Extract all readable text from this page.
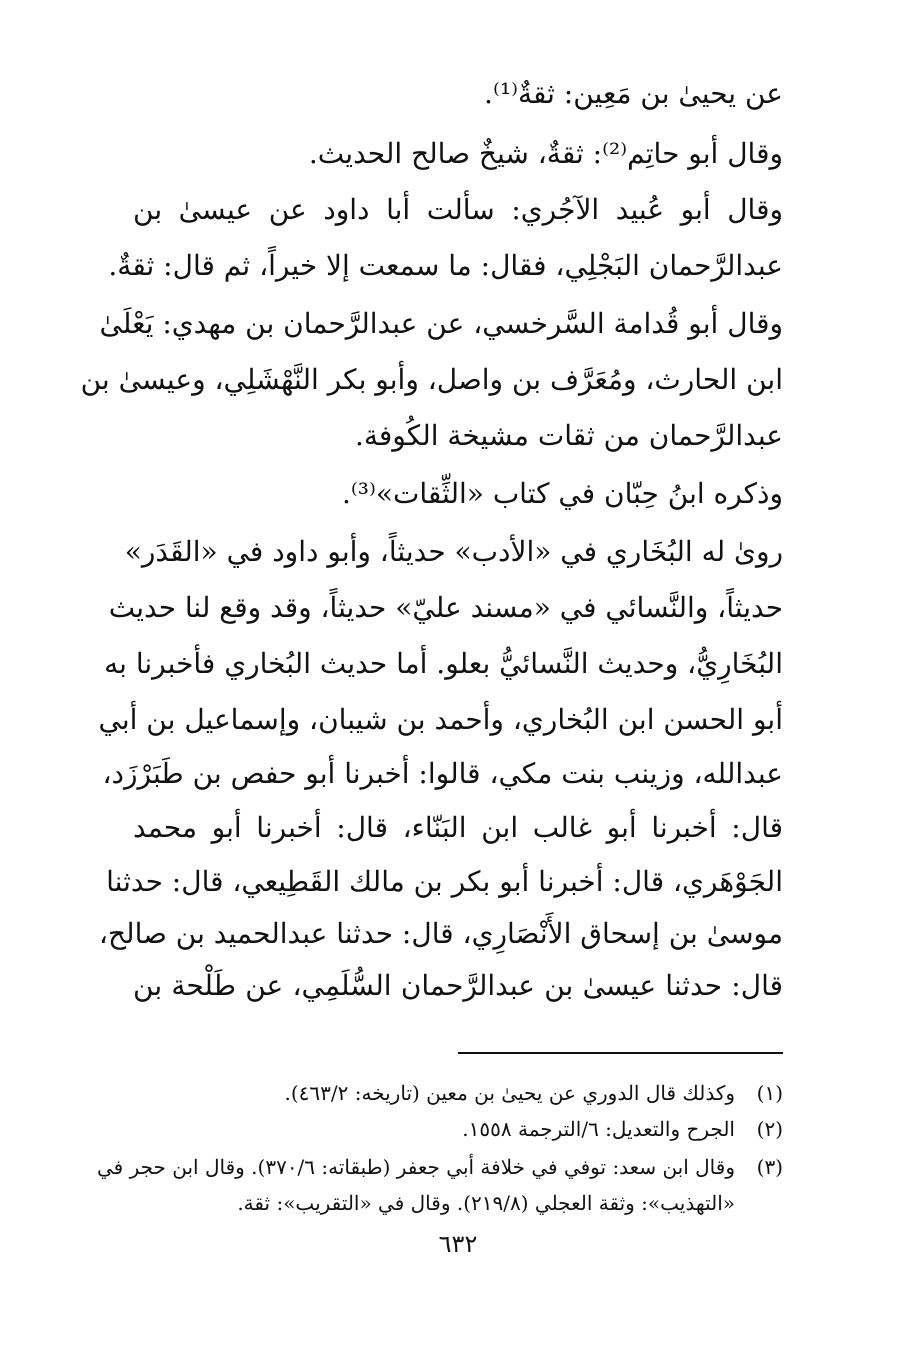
عن يحيىٰ بن مَعِين: ثقةٌ⁽¹⁾.
وقال أبو حاتِم⁽²⁾: ثقةٌ، شيخٌ صالح الحديث.
وقال أبو عُبيد الآجُري: سألت أبا داود عن عيسىٰ بن
عبدالرَّحمان البَجْلِي، فقال: ما سمعت إلا خيراً، ثم قال: ثقةٌ.
وقال أبو قُدامة السَّرخسي، عن عبدالرَّحمان بن مهدي: يَعْلَىٰ
ابن الحارث، ومُعَرَّف بن واصل، وأبو بكر النَّهْشَلِي، وعيسىٰ بن
عبدالرَّحمان من ثقات مشيخة الكُوفة.
وذكره ابنُ حِبّان في كتاب «الثِّقات»⁽³⁾.
روىٰ له البُخَاري في «الأدب» حديثاً، وأبو داود في «القَدَر»
حديثاً، والنَّسائي في «مسند عليّ» حديثاً، وقد وقع لنا حديث
البُخَارِيُّ، وحديث النَّسائيُّ بعلو. أما حديث البُخاري فأخبرنا به
أبو الحسن ابن البُخاري، وأحمد بن شيبان، وإسماعيل بن أبي
عبدالله، وزينب بنت مكي، قالوا: أخبرنا أبو حفص بن طَبَرْزَد،
قال: أخبرنا أبو غالب ابن البَنّاء، قال: أخبرنا أبو محمد
الجَوْهَري، قال: أخبرنا أبو بكر بن مالك القَطِيعي، قال: حدثنا
موسىٰ بن إسحاق الأَنْصَارِي، قال: حدثنا عبدالحميد بن صالح،
قال: حدثنا عيسىٰ بن عبدالرَّحمان السُّلَمِي، عن طَلْحة بن
(١)وكذلك قال الدوري عن يحيىٰ بن معين (تاريخه: ٤٦٣/٢).
(٢)الجرح والتعديل: ٦/الترجمة ١٥٥٨.
(٣)وقال ابن سعد: توفي في خلافة أبي جعفر (طبقاته: ٣٧٠/٦). وقال ابن حجر في
«التهذيب»: وثقة العجلي (٢١٩/٨). وقال في «التقريب»: ثقة.
٦٣٢
